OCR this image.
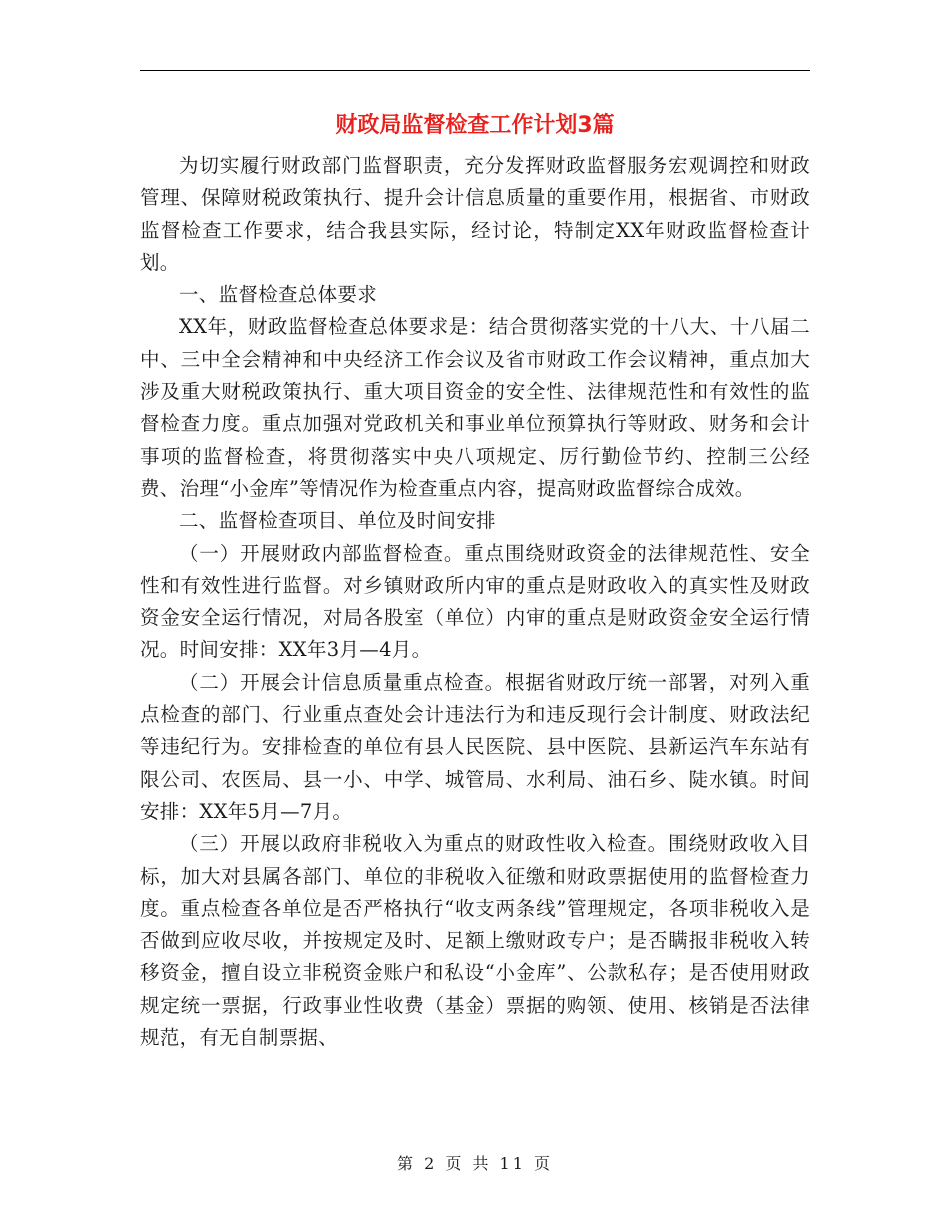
财政局监督检查工作计划3篇

为切实履行财政部门监督职责，充分发挥财政监督服务宏观调控和财政管理、保障财税政策执行、提升会计信息质量的重要作用，根据省、市财政监督检查工作要求，结合我县实际，经讨论，特制定XX年财政监督检查计划。

一、监督检查总体要求

XX年，财政监督检查总体要求是：结合贯彻落实党的十八大、十八届二中、三中全会精神和中央经济工作会议及省市财政工作会议精神，重点加大涉及重大财税政策执行、重大项目资金的安全性、法律规范性和有效性的监督检查力度。重点加强对党政机关和事业单位预算执行等财政、财务和会计事项的监督检查，将贯彻落实中央八项规定、厉行勤俭节约、控制三公经费、治理“小金库”等情况作为检查重点内容，提高财政监督综合成效。

二、监督检查项目、单位及时间安排

（一）开展财政内部监督检查。重点围绕财政资金的法律规范性、安全性和有效性进行监督。对乡镇财政所内审的重点是财政收入的真实性及财政资金安全运行情况，对局各股室（单位）内审的重点是财政资金安全运行情况。时间安排：XX年3月—4月。

（二）开展会计信息质量重点检查。根据省财政厅统一部署，对列入重点检查的部门、行业重点查处会计违法行为和违反现行会计制度、财政法纪等违纪行为。安排检查的单位有县人民医院、县中医院、县新运汽车东站有限公司、农医局、县一小、中学、城管局、水利局、油石乡、陡水镇。时间安排：XX年5月—7月。

（三）开展以政府非税收入为重点的财政性收入检查。围绕财政收入目标，加大对县属各部门、单位的非税收入征缴和财政票据使用的监督检查力度。重点检查各单位是否严格执行“收支两条线”管理规定，各项非税收入是否做到应收尽收，并按规定及时、足额上缴财政专户；是否瞒报非税收入转移资金，擅自设立非税资金账户和私设“小金库”、公款私存；是否使用财政规定统一票据，行政事业性收费（基金）票据的购领、使用、核销是否法律规范，有无自制票据、

第 2 页 共 11 页
